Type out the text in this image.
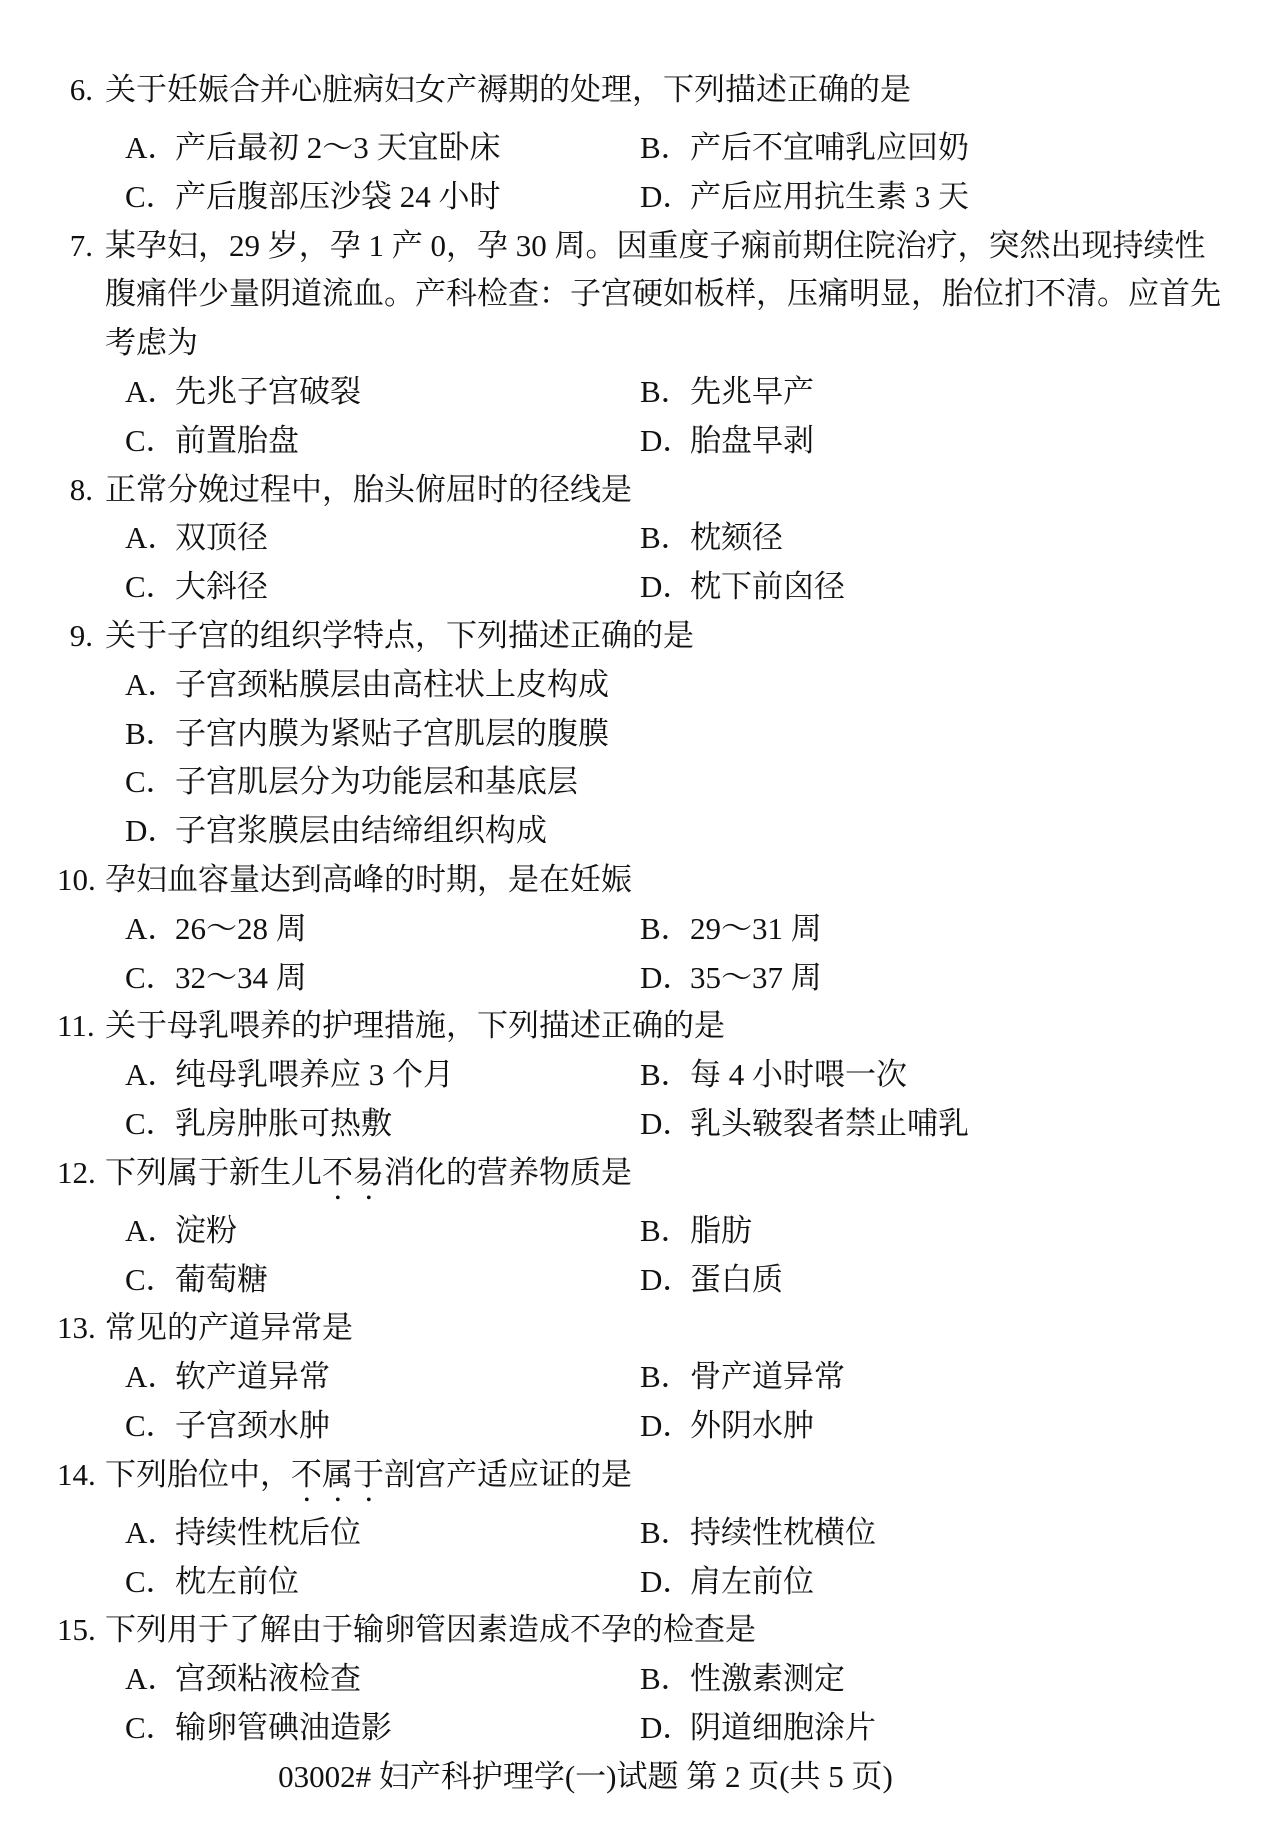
6. 关于妊娠合并心脏病妇女产褥期的处理，下列描述正确的是
A．
产后最初 2～3 天宜卧床	B．
产后不宜哺乳应回奶
C．
产后腹部压沙袋 24 小时	D．
产后应用抗生素 3 天
7. 某孕妇，29 岁，孕 1 产 0，孕 30 周。因重度子痫前期住院治疗，突然出现持续性
腹痛伴少量阴道流血。产科检查：子宫硬如板样，压痛明显，胎位扪不清。应首先
考虑为
A．
先兆子宫破裂	B．
先兆早产
C．
前置胎盘	D．
胎盘早剥
8. 正常分娩过程中，胎头俯屈时的径线是
A．
双顶径	B．
枕颏径
C．
大斜径	D．
枕下前囟径
9. 关于子宫的组织学特点，下列描述正确的是
A．
子宫颈粘膜层由高柱状上皮构成
B．
子宫内膜为紧贴子宫肌层的腹膜
C．
子宫肌层分为功能层和基底层
D．
子宫浆膜层由结缔组织构成
10. 孕妇血容量达到高峰的时期，是在妊娠
A．
26～28 周	B．
29～31 周
C．
32～34 周	D．
35～37 周
11. 关于母乳喂养的护理措施，下列描述正确的是
A．
纯母乳喂养应 3 个月	B．
每 4 小时喂一次
C．
乳房肿胀可热敷	D．
乳头皲裂者禁止哺乳
12. 下列属于新生儿不易消化的营养物质是
A．
淀粉	B．
脂肪
C．
葡萄糖	D．
蛋白质
13. 常见的产道异常是
A．
软产道异常	B．
骨产道异常
C．
子宫颈水肿	D．
外阴水肿
14. 下列胎位中，不属于剖宫产适应证的是
A．
持续性枕后位	B．
持续性枕横位
C．
枕左前位	D．
肩左前位
15. 下列用于了解由于输卵管因素造成不孕的检查是
A．
宫颈粘液检查	B．
性激素测定
C．
输卵管碘油造影	D．
阴道细胞涂片
03002# 妇产科护理学(一)试题 第 2 页(共 5 页)
